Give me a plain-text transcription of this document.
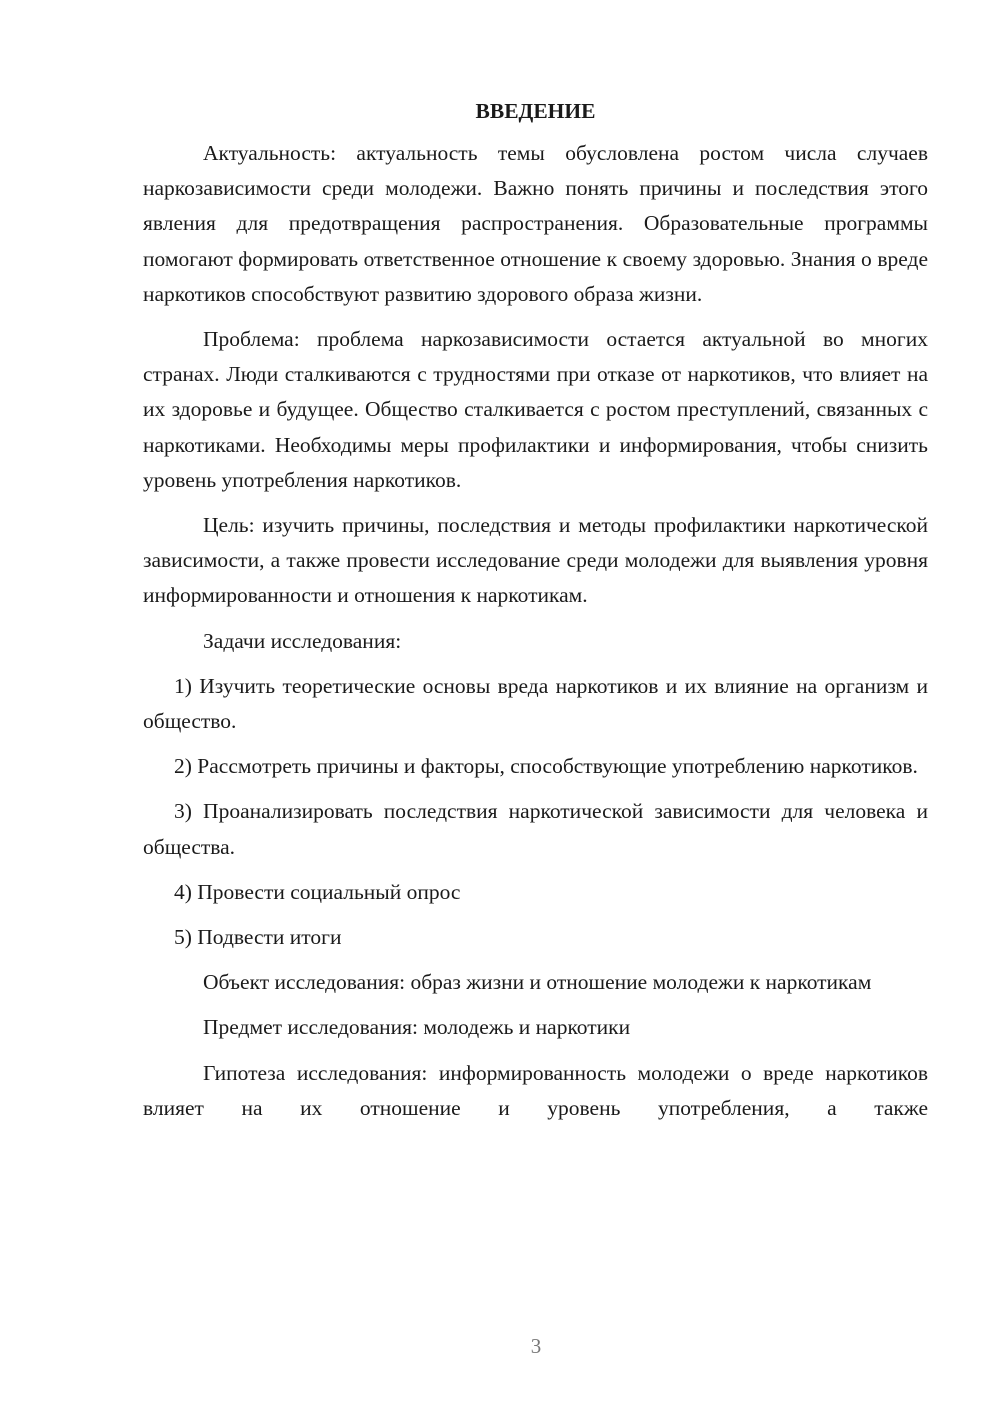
ВВЕДЕНИЕ

Актуальность: актуальность темы обусловлена ростом числа случаев наркозависимости среди молодежи. Важно понять причины и последствия этого явления для предотвращения распространения. Образовательные программы помогают формировать ответственное отношение к своему здоровью. Знания о вреде наркотиков способствуют развитию здорового образа жизни.

Проблема: проблема наркозависимости остается актуальной во многих странах. Люди сталкиваются с трудностями при отказе от наркотиков, что влияет на их здоровье и будущее. Общество сталкивается с ростом преступлений, связанных с наркотиками. Необходимы меры профилактики и информирования, чтобы снизить уровень употребления наркотиков.

Цель: изучить причины, последствия и методы профилактики наркотической зависимости, а также провести исследование среди молодежи для выявления уровня информированности и отношения к наркотикам.

Задачи исследования:

1) Изучить теоретические основы вреда наркотиков и их влияние на организм и общество.

2) Рассмотреть причины и факторы, способствующие употреблению наркотиков.

3) Проанализировать последствия наркотической зависимости для человека и общества.

4) Провести социальный опрос

5) Подвести итоги

Объект исследования: образ жизни и отношение молодежи к наркотикам

Предмет исследования: молодежь и наркотики

Гипотеза исследования: информированность молодежи о вреде наркотиков влияет на их отношение и уровень употребления, а также

3
